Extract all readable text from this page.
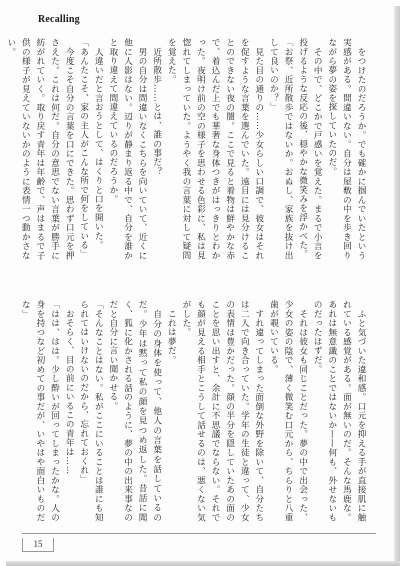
Recalling

　をつけたのだろうか。でも確かに掴んでいたという実感がある。間違いない。自分は屋敷の中を歩き回りながら夢の姿を探していたのだ。

　その中で、どこかで戸惑いを覚えた。まるで小言を投げるような反応の後、穏やかな微笑みを浮かべた。

「お祭、近所散歩ではないか。おぬし、家族を抜け出して良いのか？」

　見た目の通りの……少女らしい口調で、彼女はそれを促すような言葉を選んでいた。遠目には見分けることのできない夜の闇。ここで見ると着物は鮮やかな赤で、着込んだ上でも華奢な身体つきがはっきりとわかった。夜明け前の空の様子を思わせる色彩に、私は見惚れてしまっていた。ようやく我の言葉に対して疑問を覚えた。

　近所散歩……とは、誰の事だ？

　男の自分は間違いなくこちらを向いていて、近くに他に人影はない。辺りが静まり返る中で、自分を誰かと取り違えて間違えているのだろうか。

　人違いだと言おうとして、はくりと口を開いた。

「あんたこそ、家の主人がこんな所で何をしている」

　今度こそ自分の言葉を口にできた。思わず口元を押さえた。これは何だ。自分の意思でない言葉が勝手に紡がれていく。取り戻す青年は年齢で、声はまるで子供の様子が見えていないかのように表情一つ動かさない。

　ふと気づいた違和感。口元を抑える手が直接肌に触れている感覚がある。面が無いのだ。そんな馬鹿な。あれは無意識のことではないか——何も、外せないものだったはずだ。

　それは彼女も同じことだった。夢の中で出会った、少女の姿の陰で、薄く微笑む口元から、ちらりと八重歯が覗いている。

　すれ違ってしまった面倒な外野を除いて、自分たちは二人で向き合っていた。学年の生徒と違って、少女の表情は豊かだった。顔の半分を隠していたあの面のことを思い出すと、余計に不思議でならない。それでも顔が見える相手とこうして話せるのは、悪くない気がした。

　これは夢だ。

　自分の身体を使って、他人の言葉を話しているのだ。少年は黙って私の顔を見つめ返した。昔話に聞く、狐に化かされる話のように、夢の中の出来事なのだと自分に言い聞かせる。

「そんなことはない。私がここにいることは誰にも知られてはいけないのだから、忘れておくれ」

　おそらく、目の前にいるこの青年は……

「はは、はは。少し酔いが回ってしまったかな。人の身を持つなど初めての事だが、いやはや面白いものだな」

15
